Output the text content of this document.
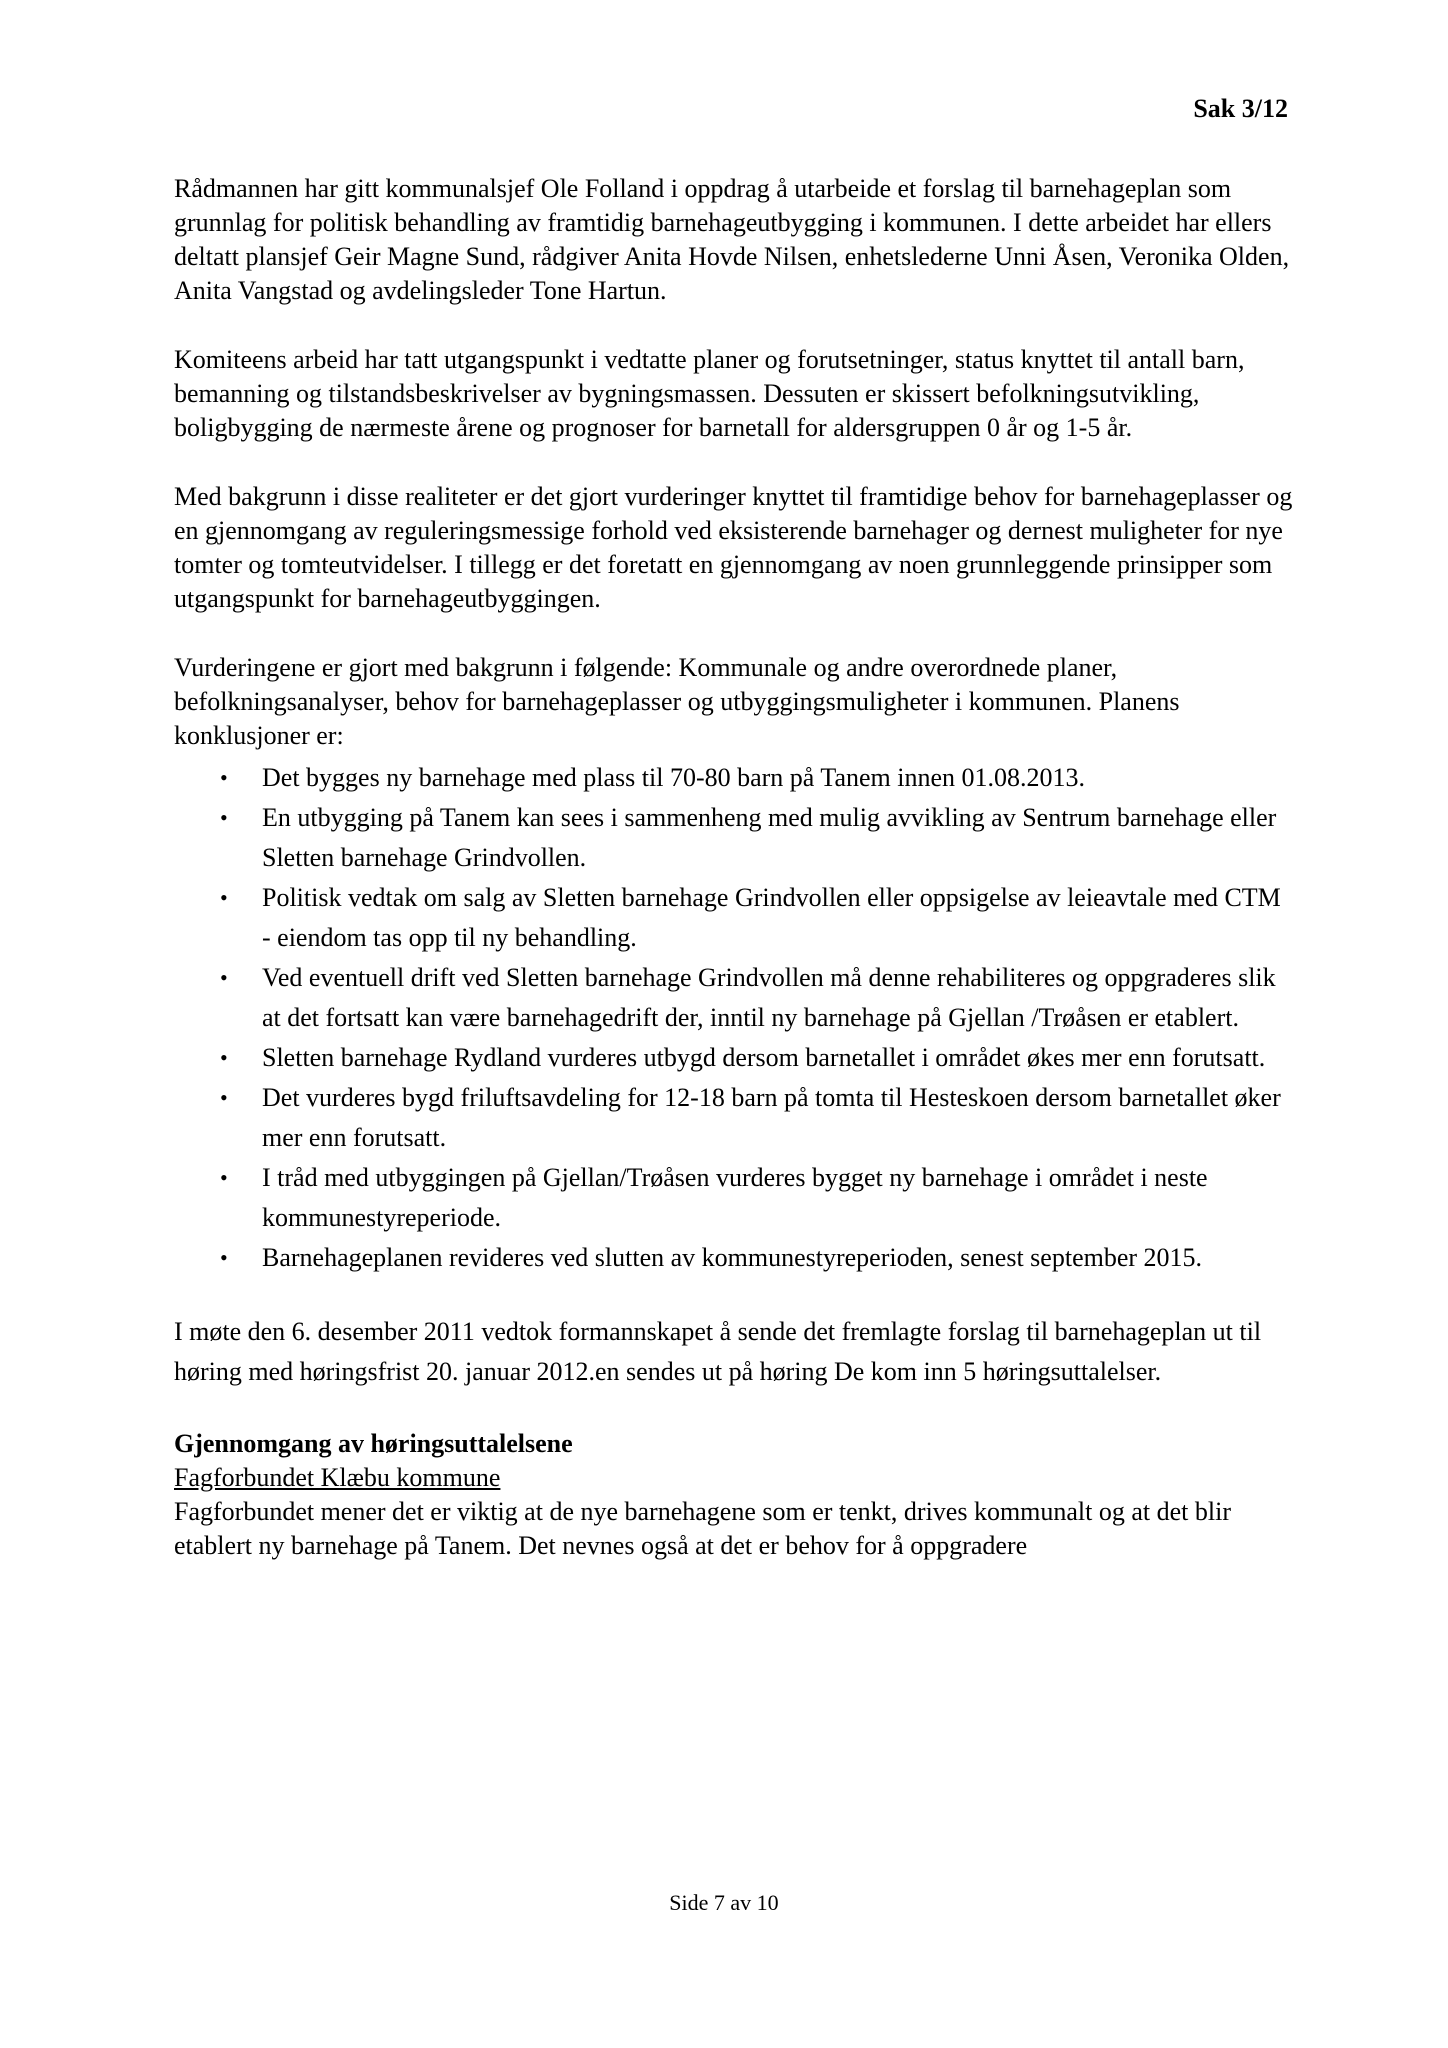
Sak 3/12

Rådmannen har gitt kommunalsjef Ole Folland i oppdrag å utarbeide et forslag til barnehageplan som grunnlag for politisk behandling av framtidig barnehageutbygging i kommunen. I dette arbeidet har ellers deltatt plansjef Geir Magne Sund, rådgiver Anita Hovde Nilsen, enhetslederne Unni Åsen, Veronika Olden, Anita Vangstad og avdelingsleder Tone Hartun.

Komiteens arbeid har tatt utgangspunkt i vedtatte planer og forutsetninger, status knyttet til antall barn, bemanning og tilstandsbeskrivelser av bygningsmassen. Dessuten er skissert befolkningsutvikling, boligbygging de nærmeste årene og prognoser for barnetall for aldersgruppen 0 år og 1-5 år.

Med bakgrunn i disse realiteter er det gjort vurderinger knyttet til framtidige behov for barnehageplasser og en gjennomgang av reguleringsmessige forhold ved eksisterende barnehager og dernest muligheter for nye tomter og tomteutvidelser. I tillegg er det foretatt en gjennomgang av noen grunnleggende prinsipper som utgangspunkt for barnehageutbyggingen.

Vurderingene er gjort med bakgrunn i følgende: Kommunale og andre overordnede planer, befolkningsanalyser, behov for barnehageplasser og utbyggingsmuligheter i kommunen. Planens konklusjoner er:

• Det bygges ny barnehage med plass til 70-80 barn på Tanem innen 01.08.2013.
• En utbygging på Tanem kan sees i sammenheng med mulig avvikling av Sentrum barnehage eller Sletten barnehage Grindvollen.
• Politisk vedtak om salg av Sletten barnehage Grindvollen eller oppsigelse av leieavtale med CTM - eiendom tas opp til ny behandling.
• Ved eventuell drift ved Sletten barnehage Grindvollen må denne rehabiliteres og oppgraderes slik at det fortsatt kan være barnehagedrift der, inntil ny barnehage på Gjellan /Trøåsen er etablert.
• Sletten barnehage Rydland vurderes utbygd dersom barnetallet i området økes mer enn forutsatt.
• Det vurderes bygd friluftsavdeling for 12-18 barn på tomta til Hesteskoen dersom barnetallet øker mer enn forutsatt.
• I tråd med utbyggingen på Gjellan/Trøåsen vurderes bygget ny barnehage i området i neste kommunestyreperiode.
• Barnehageplanen revideres ved slutten av kommunestyreperioden, senest september 2015.

I møte den 6. desember 2011 vedtok formannskapet å sende det fremlagte forslag til barnehageplan ut til høring med høringsfrist 20. januar 2012.en sendes ut på høring De kom inn 5 høringsuttalelser.

Gjennomgang av høringsuttalelsene
Fagforbundet Klæbu kommune
Fagforbundet mener det er viktig at de nye barnehagene som er tenkt, drives kommunalt og at det blir etablert ny barnehage på Tanem. Det nevnes også at det er behov for å oppgradere
Side 7 av 10
